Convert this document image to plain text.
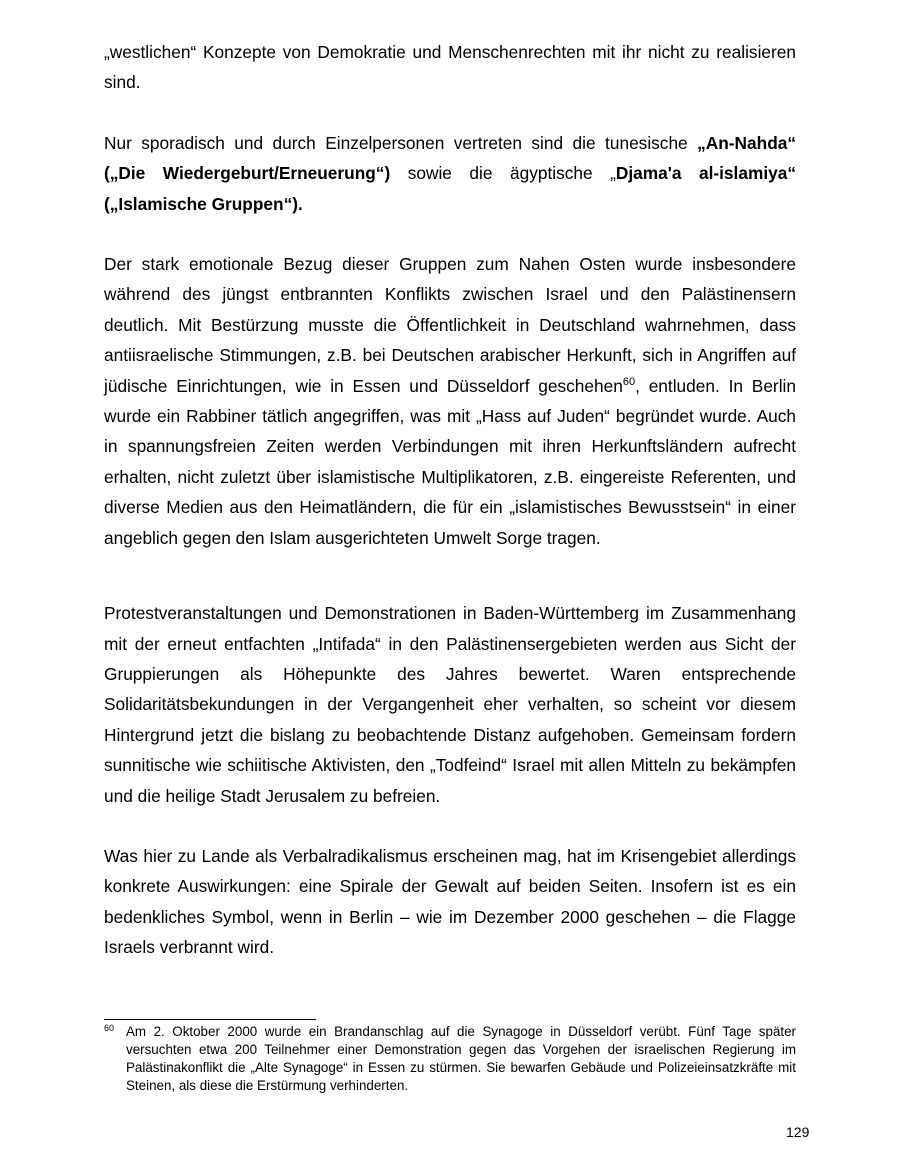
„westlichen“ Konzepte von Demokratie und Menschenrechten mit ihr nicht zu realisieren sind.

Nur sporadisch und durch Einzelpersonen vertreten sind die tunesische „An-Nahda“ („Die Wiedergeburt/Erneuerung“) sowie die ägyptische „Djama'a al-islamiya“ („Islamische Gruppen“).

Der stark emotionale Bezug dieser Gruppen zum Nahen Osten wurde insbesondere während des jüngst entbrannten Konflikts zwischen Israel und den Palästinensern deutlich. Mit Bestürzung musste die Öffentlichkeit in Deutschland wahrnehmen, dass antiisraelische Stimmungen, z.B. bei Deutschen arabischer Herkunft, sich in Angriffen auf jüdische Einrichtungen, wie in Essen und Düsseldorf geschehen$^{60}$, entluden. In Berlin wurde ein Rabbiner tätlich angegriffen, was mit „Hass auf Juden“ begründet wurde. Auch in spannungsfreien Zeiten werden Verbindungen mit ihren Herkunftsländern aufrecht erhalten, nicht zuletzt über islamistische Multiplikatoren, z.B. eingereiste Referenten, und diverse Medien aus den Heimatländern, die für ein „islamistisches Bewusstsein“ in einer angeblich gegen den Islam ausgerichteten Umwelt Sorge tragen.

Protestveranstaltungen und Demonstrationen in Baden-Württemberg im Zusammenhang mit der erneut entfachten „Intifada“ in den Palästinensergebieten werden aus Sicht der Gruppierungen als Höhepunkte des Jahres bewertet. Waren entsprechende Solidaritätsbekundungen in der Vergangenheit eher verhalten, so scheint vor diesem Hintergrund jetzt die bislang zu beobachtende Distanz aufgehoben. Gemeinsam fordern sunnitische wie schiitische Aktivisten, den „Todfeind“ Israel mit allen Mitteln zu bekämpfen und die heilige Stadt Jerusalem zu befreien.

Was hier zu Lande als Verbalradikalismus erscheinen mag, hat im Krisengebiet allerdings konkrete Auswirkungen: eine Spirale der Gewalt auf beiden Seiten. Insofern ist es ein bedenkliches Symbol, wenn in Berlin – wie im Dezember 2000 geschehen – die Flagge Israels verbrannt wird.

60 Am 2. Oktober 2000 wurde ein Brandanschlag auf die Synagoge in Düsseldorf verübt. Fünf Tage später versuchten etwa 200 Teilnehmer einer Demonstration gegen das Vorgehen der israelischen Regierung im Palästinakonflikt die „Alte Synagoge“ in Essen zu stürmen. Sie bewarfen Gebäude und Polizeieinsatzkräfte mit Steinen, als diese die Erstürmung verhinderten.

129
